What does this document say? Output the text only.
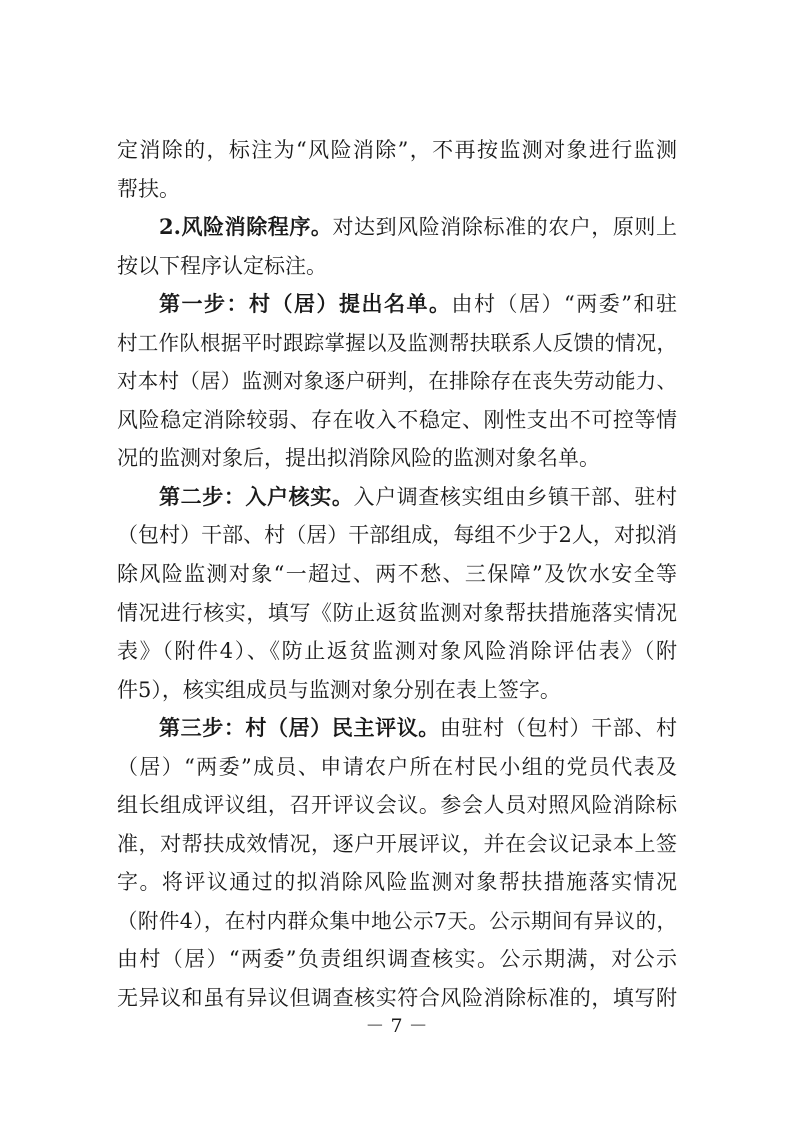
定消除的，标注为“风险消除”，不再按监测对象进行监测
帮扶。
2.风险消除程序。对达到风险消除标准的农户，原则上
按以下程序认定标注。
第一步：村（居）提出名单。由村（居）“两委”和驻
村工作队根据平时跟踪掌握以及监测帮扶联系人反馈的情况，
对本村（居）监测对象逐户研判，在排除存在丧失劳动能力、
风险稳定消除较弱、存在收入不稳定、刚性支出不可控等情
况的监测对象后，提出拟消除风险的监测对象名单。
第二步：入户核实。入户调查核实组由乡镇干部、驻村
（包村）干部、村（居）干部组成，每组不少于2人，对拟消
除风险监测对象“一超过、两不愁、三保障”及饮水安全等
情况进行核实，填写《防止返贫监测对象帮扶措施落实情况
表》（附件4）、《防止返贫监测对象风险消除评估表》（附
件5），核实组成员与监测对象分别在表上签字。
第三步：村（居）民主评议。由驻村（包村）干部、村
（居）“两委”成员、申请农户所在村民小组的党员代表及
组长组成评议组，召开评议会议。参会人员对照风险消除标
准，对帮扶成效情况，逐户开展评议，并在会议记录本上签
字。将评议通过的拟消除风险监测对象帮扶措施落实情况
（附件4），在村内群众集中地公示7天。公示期间有异议的，
由村（居）“两委”负责组织调查核实。公示期满，对公示
无异议和虽有异议但调查核实符合风险消除标准的，填写附
－ 7 －
